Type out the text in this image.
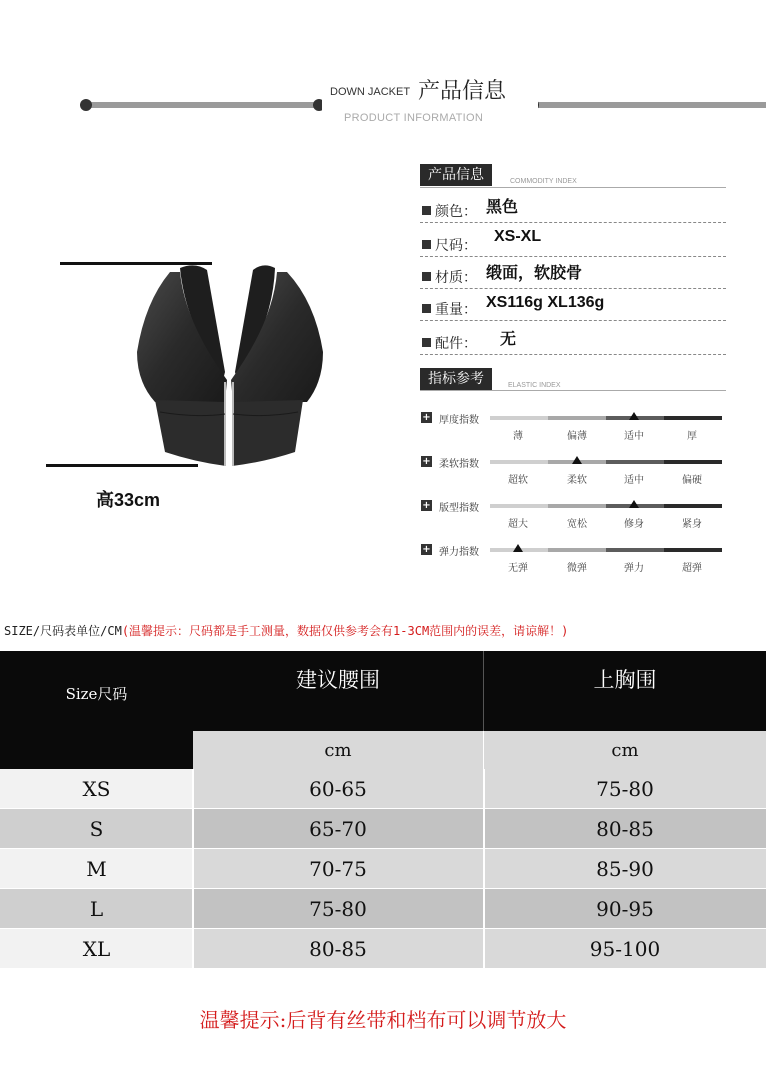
DOWN JACKET 产品信息
PRODUCT INFORMATION
高33cm
产品信息	COMMODITY INDEX
颜色： 黑色
尺码：
XS-XL
材质： 缎面，软胶骨
重量： XS116g XL136g
配件： 无
指标参考	ELASTIC INDEX
+ 厚度指数
薄	偏薄	适中	厚
+ 柔软指数
超软	柔软	适中	偏硬
+ 版型指数
超大	宽松	修身	紧身
+ 弹力指数
无弹	微弹	弹力	超弹
SIZE/尺码表单位/CM(温馨提示：尺码都是手工测量，数据仅供参考会有1-3CM范围内的误差，请谅解！)
Size尺码
建议腰围	上胸围
cm	cm
XS	60-65	75-80
S	65-70	80-85
M	70-75	85-90
L	75-80	90-95
XL	80-85	95-100
温馨提示:后背有丝带和档布可以调节放大
